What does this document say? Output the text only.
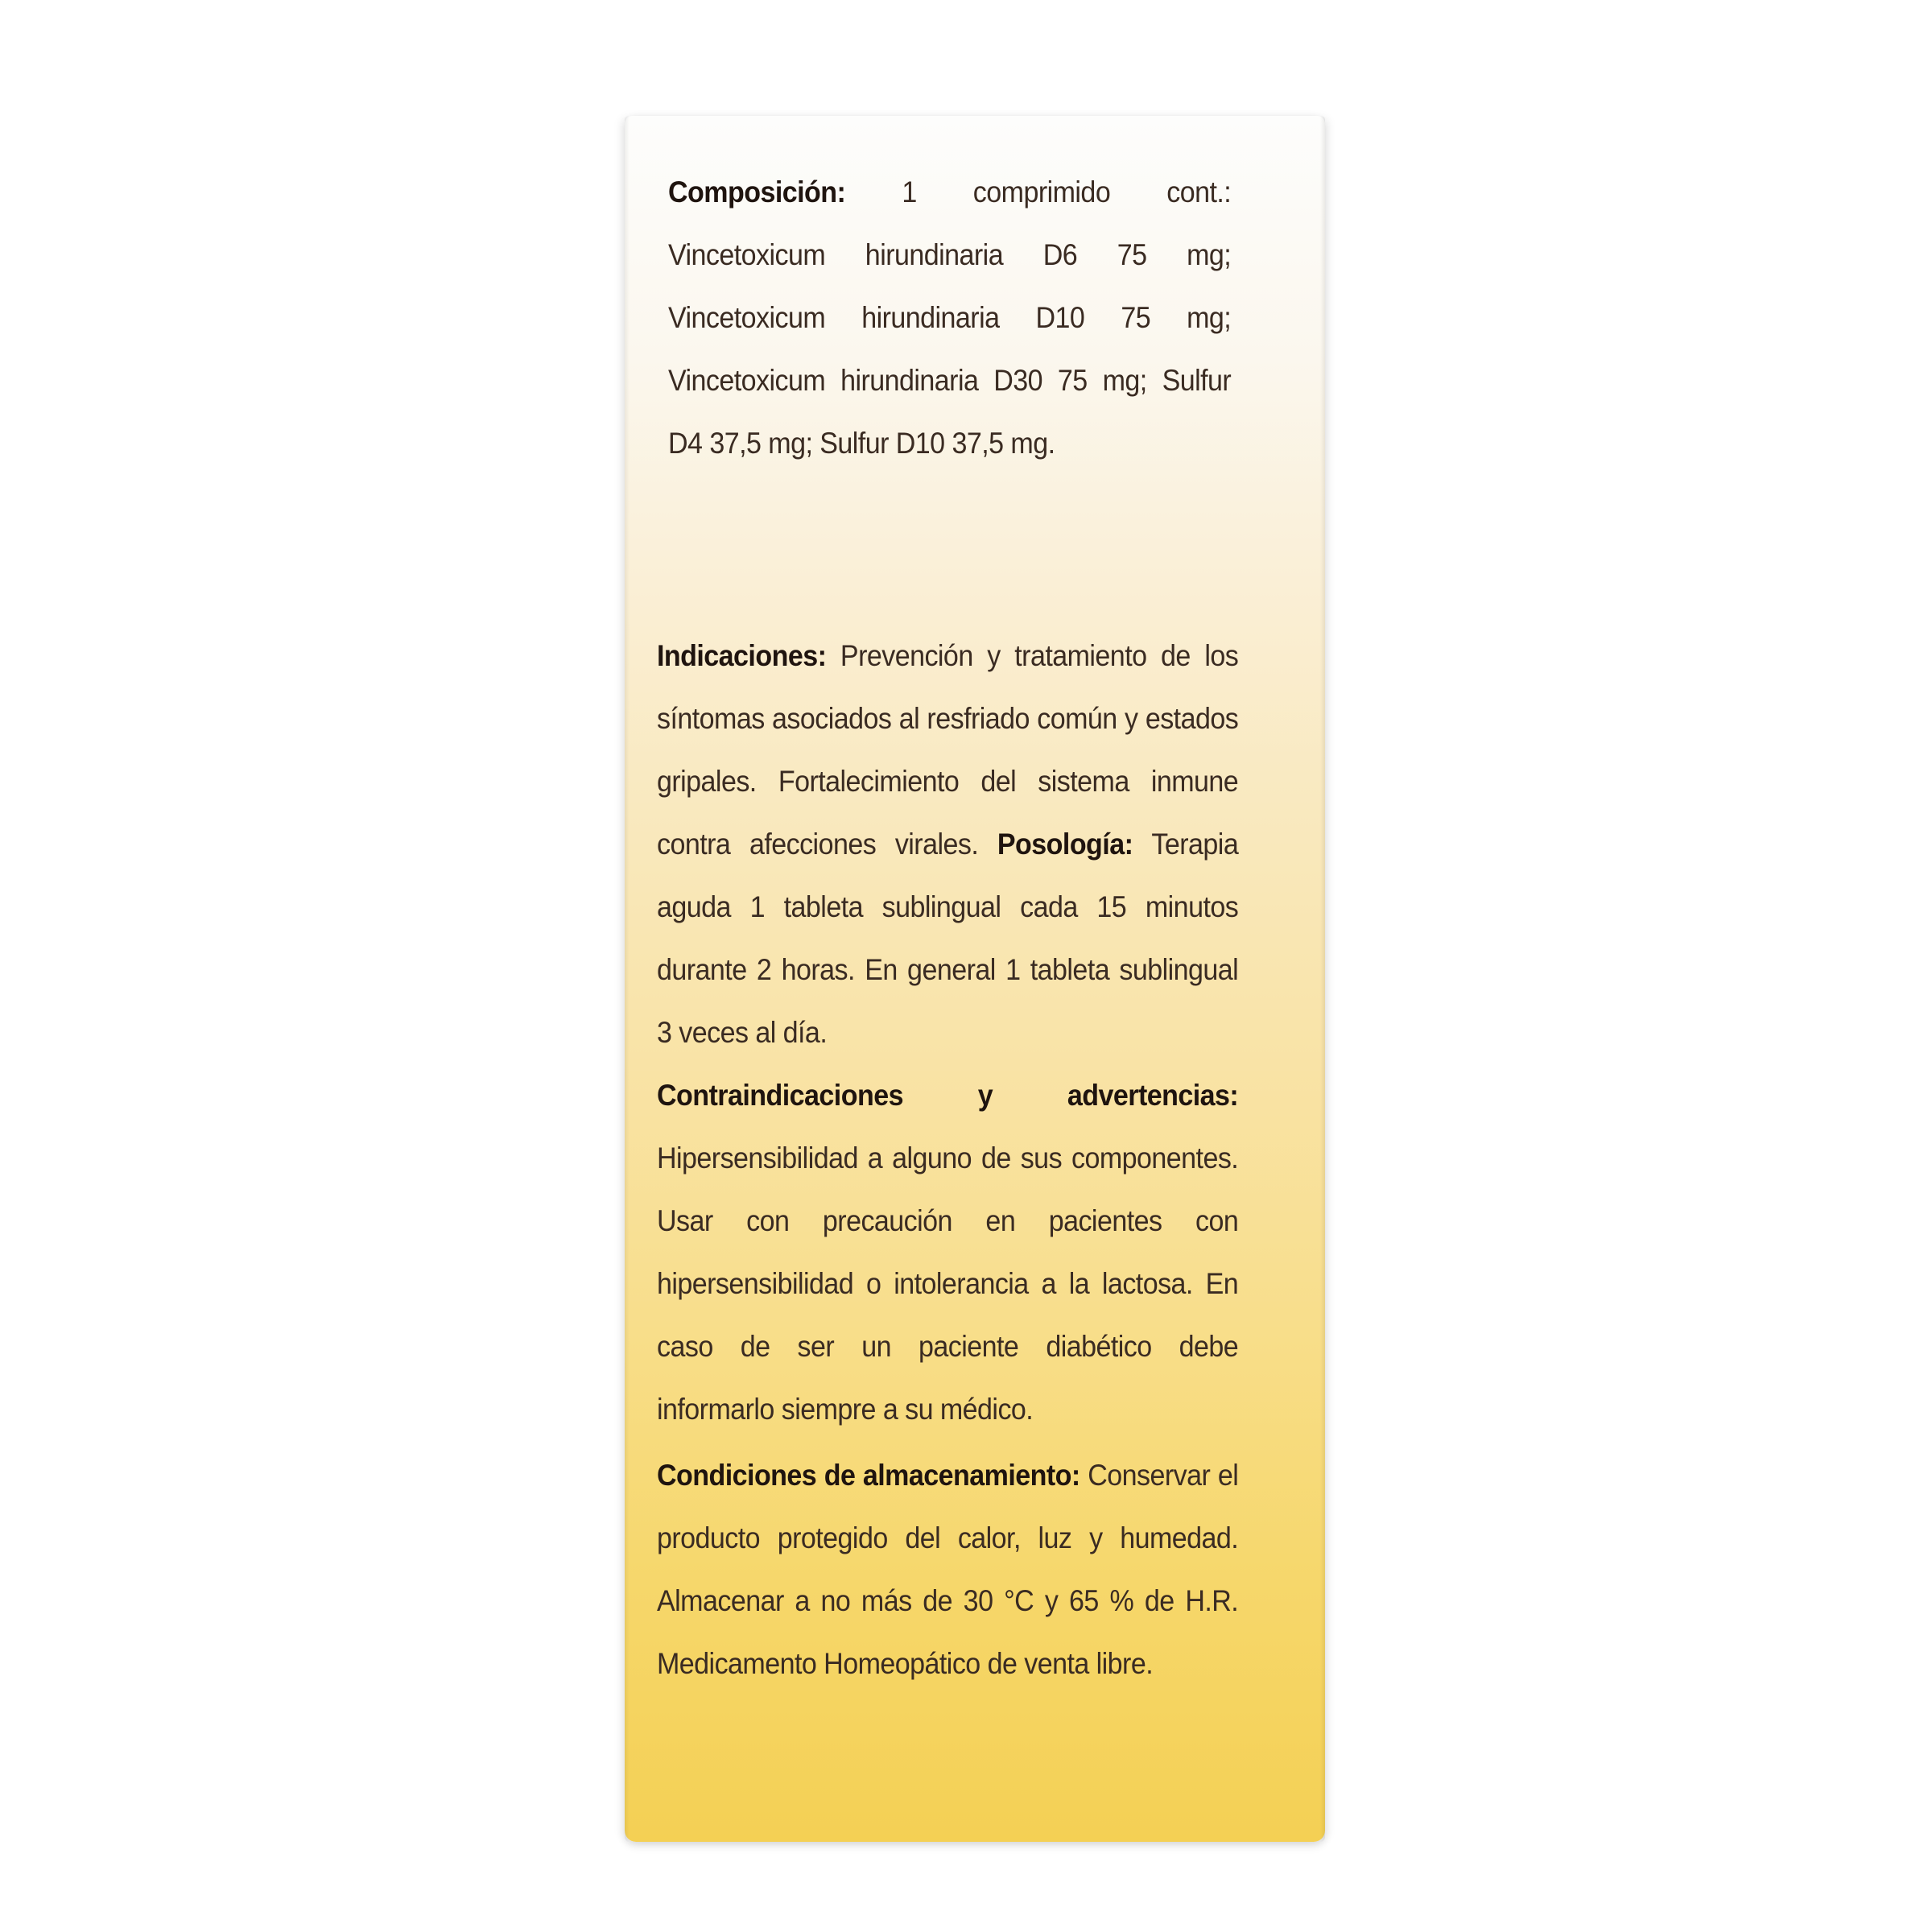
Composición: 1 comprimido cont.: Vincetoxicum hirundinaria D6 75 mg; Vincetoxicum hirundinaria D10 75 mg; Vincetoxicum hirundinaria D30 75 mg; Sulfur D4 37,5 mg; Sulfur D10 37,5 mg.

Indicaciones: Prevención y tratamiento de los síntomas asociados al resfriado común y estados gripales. Fortalecimiento del sistema inmune contra afecciones virales. Posología: Terapia aguda 1 tableta sublingual cada 15 minutos durante 2 horas. En general 1 tableta sublingual 3 veces al día.

Contraindicaciones y advertencias: Hipersensibilidad a alguno de sus componentes. Usar con precaución en pacientes con hipersensibilidad o intolerancia a la lactosa. En caso de ser un paciente diabético debe informarlo siempre a su médico.

Condiciones de almacenamiento: Conservar el producto protegido del calor, luz y humedad. Almacenar a no más de 30 °C y 65 % de H.R. Medicamento Homeopático de venta libre.
